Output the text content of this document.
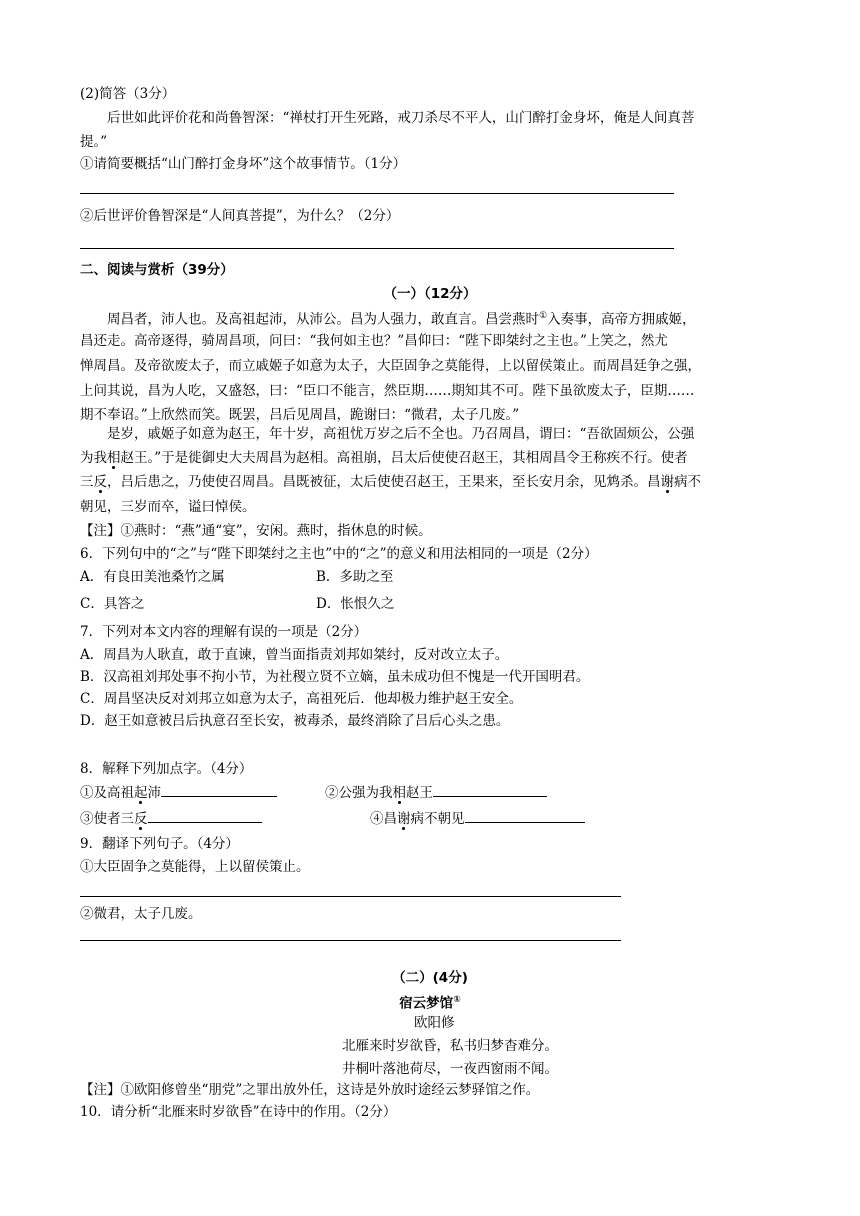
(2)简答（3分）
后世如此评价花和尚鲁智深：“禅杖打开生死路，戒刀杀尽不平人，山门醉打金身坏，俺是人间真菩
提。”
①请简要概括“山门醉打金身坏”这个故事情节。（1分）
②后世评价鲁智深是“人间真菩提”，为什么？（2分）
二、阅读与赏析（39分）
（一）（12分）
周昌者，沛人也。及高祖起沛，从沛公。昌为人强力，敢直言。昌尝燕时①入奏事，高帝方拥戚姬，
昌还走。高帝逐得，骑周昌项，问曰：“我何如主也？”昌仰曰：“陛下即桀纣之主也。”上笑之，然尤
惮周昌。及帝欲废太子，而立戚姬子如意为太子，大臣固争之莫能得，上以留侯策止。而周昌廷争之强，
上问其说，昌为人吃，又盛怒，曰：“臣口不能言，然臣期……期知其不可。陛下虽欲废太子，臣期……
期不奉诏。”上欣然而笑。既罢，吕后见周昌，跪谢曰：“微君，太子几废。”
是岁，戚姬子如意为赵王，年十岁，高祖忧万岁之后不全也。乃召周昌，谓曰：“吾欲固烦公，公强
为我相赵王。”于是徙御史大夫周昌为赵相。高祖崩，吕太后使使召赵王，其相周昌令王称疾不行。使者
三反，吕后患之，乃使使召周昌。昌既被征，太后使使召赵王，王果来，至长安月余，见鸩杀。昌谢病不
朝见，三岁而卒，谥曰悼侯。
【注】①燕时：“燕”通“宴”，安闲。燕时，指休息的时候。
6．下列句中的“之”与“陛下即桀纣之主也”中的“之”的意义和用法相同的一项是（2分）
A．有良田美池桑竹之属	B．多助之至
C．具答之	D．怅恨久之
7．下列对本文内容的理解有误的一项是（2分）
A．周昌为人耿直，敢于直谏，曾当面指责刘邦如桀纣，反对改立太子。
B．汉高祖刘邦处事不拘小节，为社稷立贤不立嫡，虽未成功但不愧是一代开国明君。
C．周昌坚决反对刘邦立如意为太子，高祖死后．他却极力维护赵王安全。
D．赵王如意被吕后执意召至长安，被毒杀，最终消除了吕后心头之患。
8．解释下列加点字。（4分）
①及高祖起沛	②公强为我相赵王
③使者三反	④昌谢病不朝见
9．翻译下列句子。（4分）
①大臣固争之莫能得，上以留侯策止。
②微君，太子几废。
（二）(4分)
宿云梦馆①
欧阳修
北雁来时岁欲昏，私书归梦杳难分。
井桐叶落池荷尽，一夜西窗雨不闻。
【注】①欧阳修曾坐“朋党”之罪出放外任，这诗是外放时途经云梦驿馆之作。
10．请分析“北雁来时岁欲昏”在诗中的作用。（2分）
